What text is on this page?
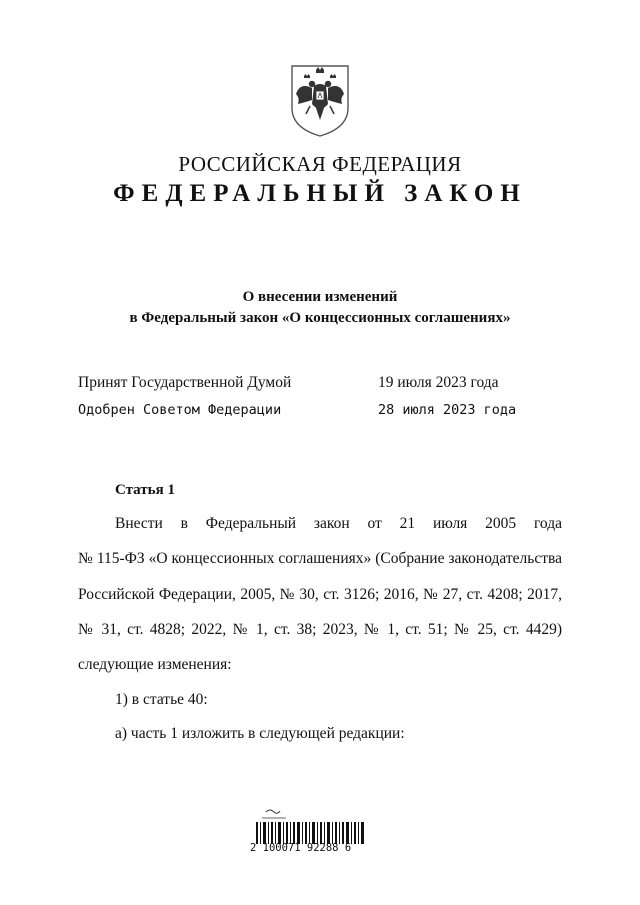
РОССИЙСКАЯ ФЕДЕРАЦИЯ
ФЕДЕРАЛЬНЫЙ ЗАКОН
О внесении изменений
в Федеральный закон «О концессионных соглашениях»
Принят Государственной Думой	19 июля 2023 года
Одобрен Советом Федерации	28 июля 2023 года
Статья 1
Внести в Федеральный закон от 21 июля 2005 года
№ 115-ФЗ «О концессионных соглашениях» (Собрание законодательства
Российской Федерации, 2005, № 30, ст. 3126; 2016, № 27, ст. 4208; 2017,
№ 31, ст. 4828; 2022, № 1, ст. 38; 2023, № 1, ст. 51; № 25, ст. 4429)
следующие изменения:
1) в статье 40:
а) часть 1 изложить в следующей редакции:
2 100071 92288 6
